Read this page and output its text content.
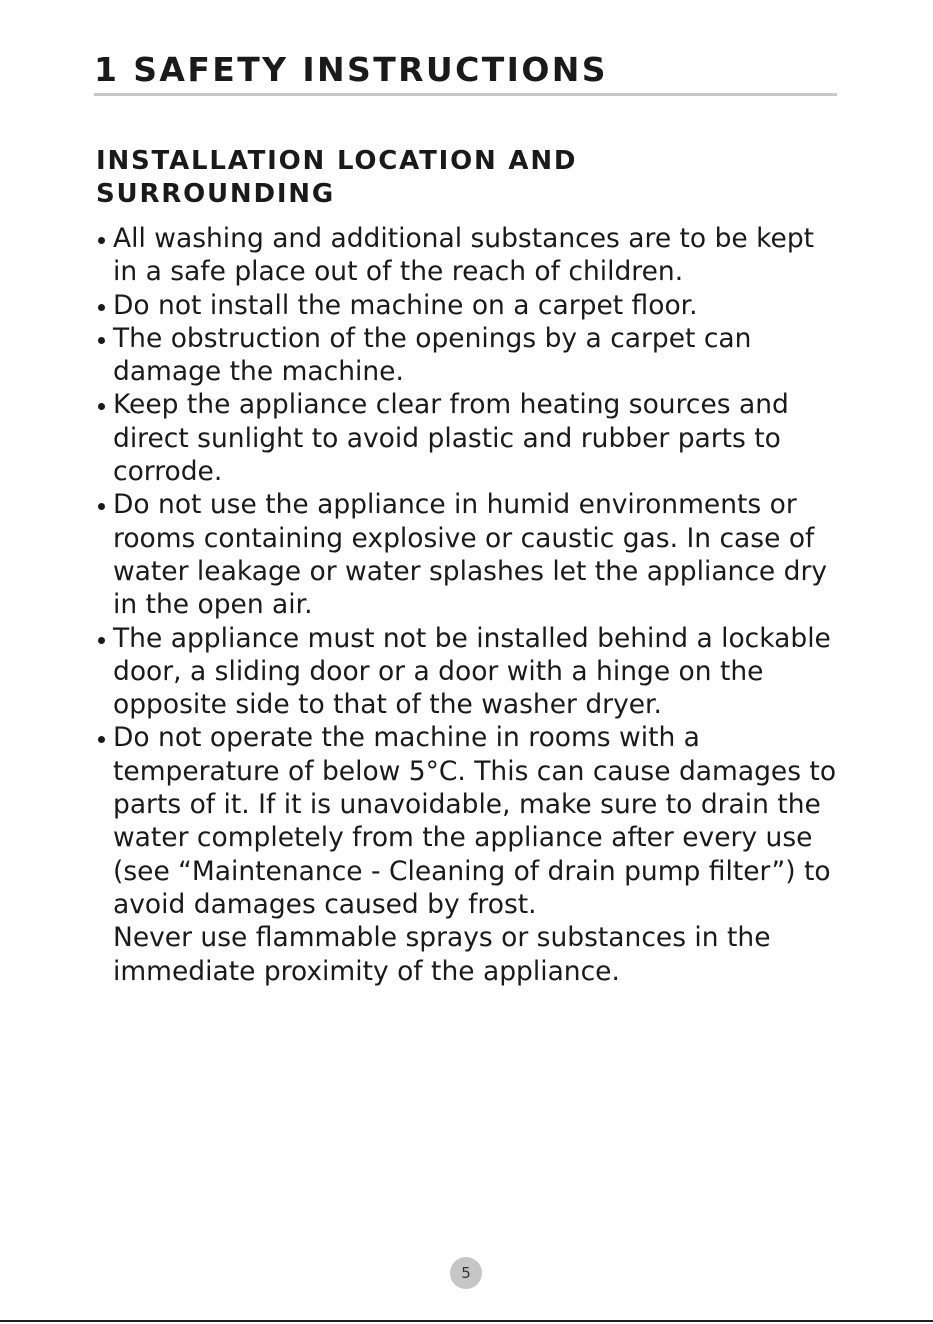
1 SAFETY INSTRUCTIONS
INSTALLATION LOCATION AND SURROUNDING
All washing and additional substances are to be kept in a safe place out of the reach of children.
Do not install the machine on a carpet floor.
The obstruction of the openings by a carpet can damage the machine.
Keep the appliance clear from heating sources and direct sunlight to avoid plastic and rubber parts to corrode.
Do not use the appliance in humid environments or rooms containing explosive or caustic gas. In case of water leakage or water splashes let the appliance dry in the open air.
The appliance must not be installed behind a lockable door, a sliding door or a door with a hinge on the opposite side to that of the washer dryer.
Do not operate the machine in rooms with a temperature of below 5°C. This can cause damages to parts of it. If it is unavoidable, make sure to drain the water completely from the appliance after every use (see “Maintenance - Cleaning of drain pump filter”) to avoid damages caused by frost.
Never use flammable sprays or substances in the immediate proximity of the appliance.
5
